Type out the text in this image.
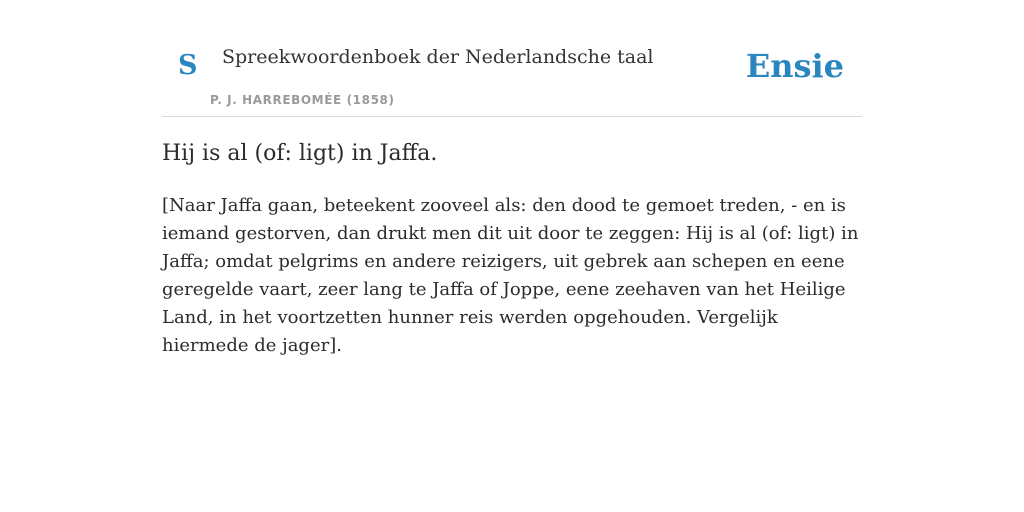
S Spreekwoordenboek der Nederlandsche taal
P. J. HARREBOMÉE (1858)
Ensie
Hij is al (of: ligt) in Jaffa.

[Naar Jaffa gaan, beteekent zooveel als: den dood te gemoet treden, - en is iemand gestorven, dan drukt men dit uit door te zeggen: Hij is al (of: ligt) in Jaffa; omdat pelgrims en andere reizigers, uit gebrek aan schepen en eene geregelde vaart, zeer lang te Jaffa of Joppe, eene zeehaven van het Heilige Land, in het voortzetten hunner reis werden opgehouden. Vergelijk hiermede de jager].
